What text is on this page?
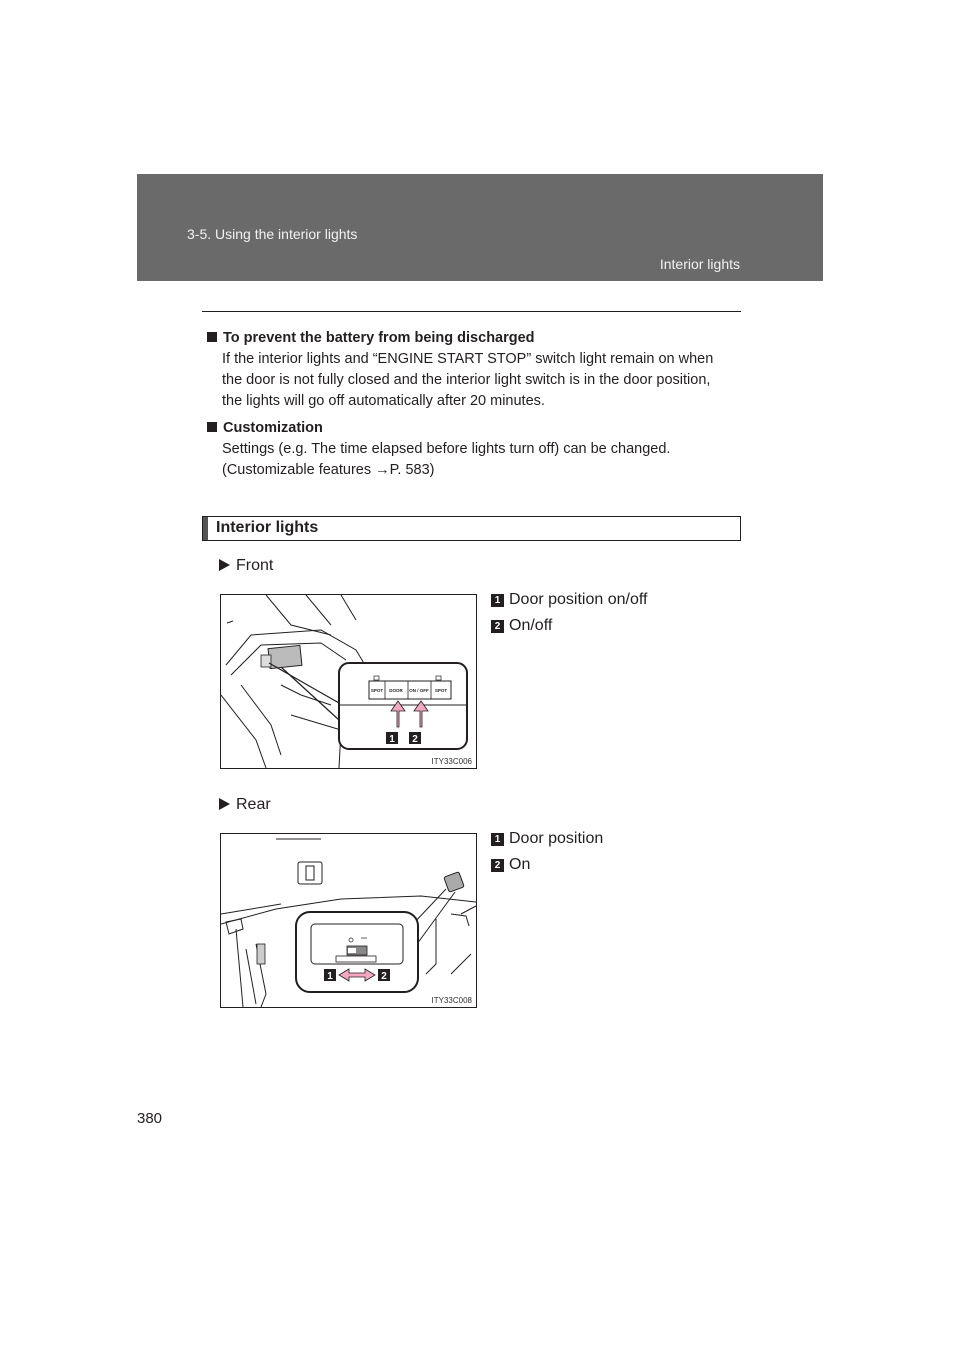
3-5. Using the interior lights
Interior lights
To prevent the battery from being discharged
If the interior lights and “ENGINE START STOP” switch light remain on when
the door is not fully closed and the interior light switch is in the door position,
the lights will go off automatically after 20 minutes.
Customization
Settings (e.g. The time elapsed before lights turn off) can be changed.
(Customizable features →P. 583)
Interior lights
Front
1 Door position on/off
2 On/off
SPOT DOOR ON / OFF SPOT
1 2
ITY33C006
Rear
1 Door position
2 On
1	2
ITY33C008
380
